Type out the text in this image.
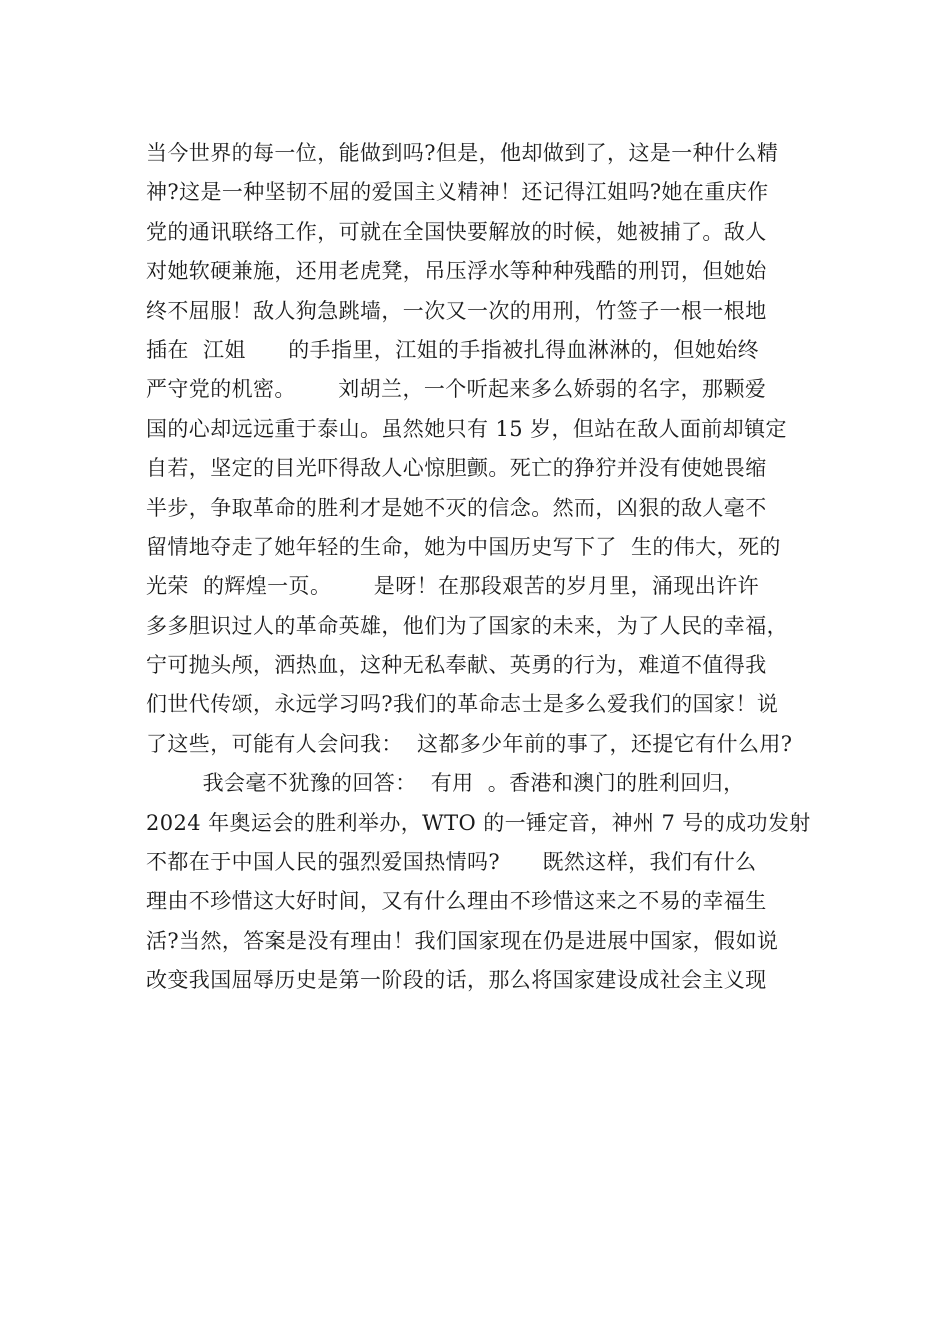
当今世界的每一位，能做到吗?但是，他却做到了，这是一种什么精
神?这是一种坚韧不屈的爱国主义精神！还记得江姐吗?她在重庆作
党的通讯联络工作，可就在全国快要解放的时候，她被捕了。敌人
对她软硬兼施，还用老虎凳，吊压浮水等种种残酷的刑罚，但她始
终不屈服！敌人狗急跳墙，一次又一次的用刑，竹签子一根一根地
插在  江姐      的手指里，江姐的手指被扎得血淋淋的，但她始终
严守党的机密。      刘胡兰，一个听起来多么娇弱的名字，那颗爱
国的心却远远重于泰山。虽然她只有 15 岁，但站在敌人面前却镇定
自若，坚定的目光吓得敌人心惊胆颤。死亡的狰狞并没有使她畏缩
半步，争取革命的胜利才是她不灭的信念。然而，凶狠的敌人毫不
留情地夺走了她年轻的生命，她为中国历史写下了  生的伟大，死的
光荣  的辉煌一页。      是呀！在那段艰苦的岁月里，涌现出许许
多多胆识过人的革命英雄，他们为了国家的未来，为了人民的幸福，
宁可抛头颅，洒热血，这种无私奉献、英勇的行为，难道不值得我
们世代传颂，永远学习吗?我们的革命志士是多么爱我们的国家！说
了这些，可能有人会问我：  这都多少年前的事了，还提它有什么用?
我会毫不犹豫的回答：  有用  。香港和澳门的胜利回归，
2024 年奥运会的胜利举办，WTO 的一锤定音，神州 7 号的成功发射
不都在于中国人民的强烈爱国热情吗?      既然这样，我们有什么
理由不珍惜这大好时间，又有什么理由不珍惜这来之不易的幸福生
活?当然，答案是没有理由！我们国家现在仍是进展中国家，假如说
改变我国屈辱历史是第一阶段的话，那么将国家建设成社会主义现
